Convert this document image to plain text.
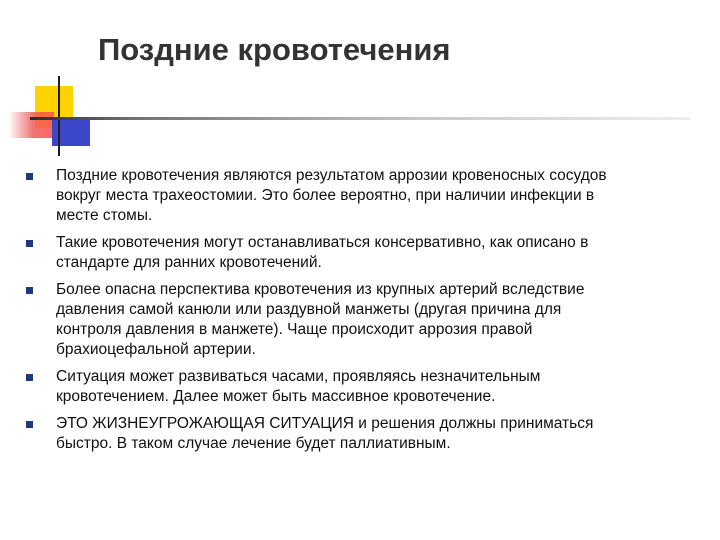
Поздние кровотечения
Поздние кровотечения являются результатом аррозии кровеносных сосудов
вокруг места трахеостомии. Это более вероятно, при наличии инфекции в
месте стомы.
Такие кровотечения могут останавливаться консервативно, как описано в
стандарте для ранних кровотечений.
Более опасна перспектива кровотечения из крупных артерий вследствие
давления самой канюли или раздувной манжеты (другая причина для
контроля давления в манжете). Чаще происходит аррозия правой
брахиоцефальной артерии.
Ситуация может развиваться часами, проявляясь незначительным
кровотечением. Далее может быть массивное кровотечение.
ЭТО ЖИЗНЕУГРОЖАЮЩАЯ СИТУАЦИЯ и решения должны приниматься
быстро. В таком случае лечение будет паллиативным.
